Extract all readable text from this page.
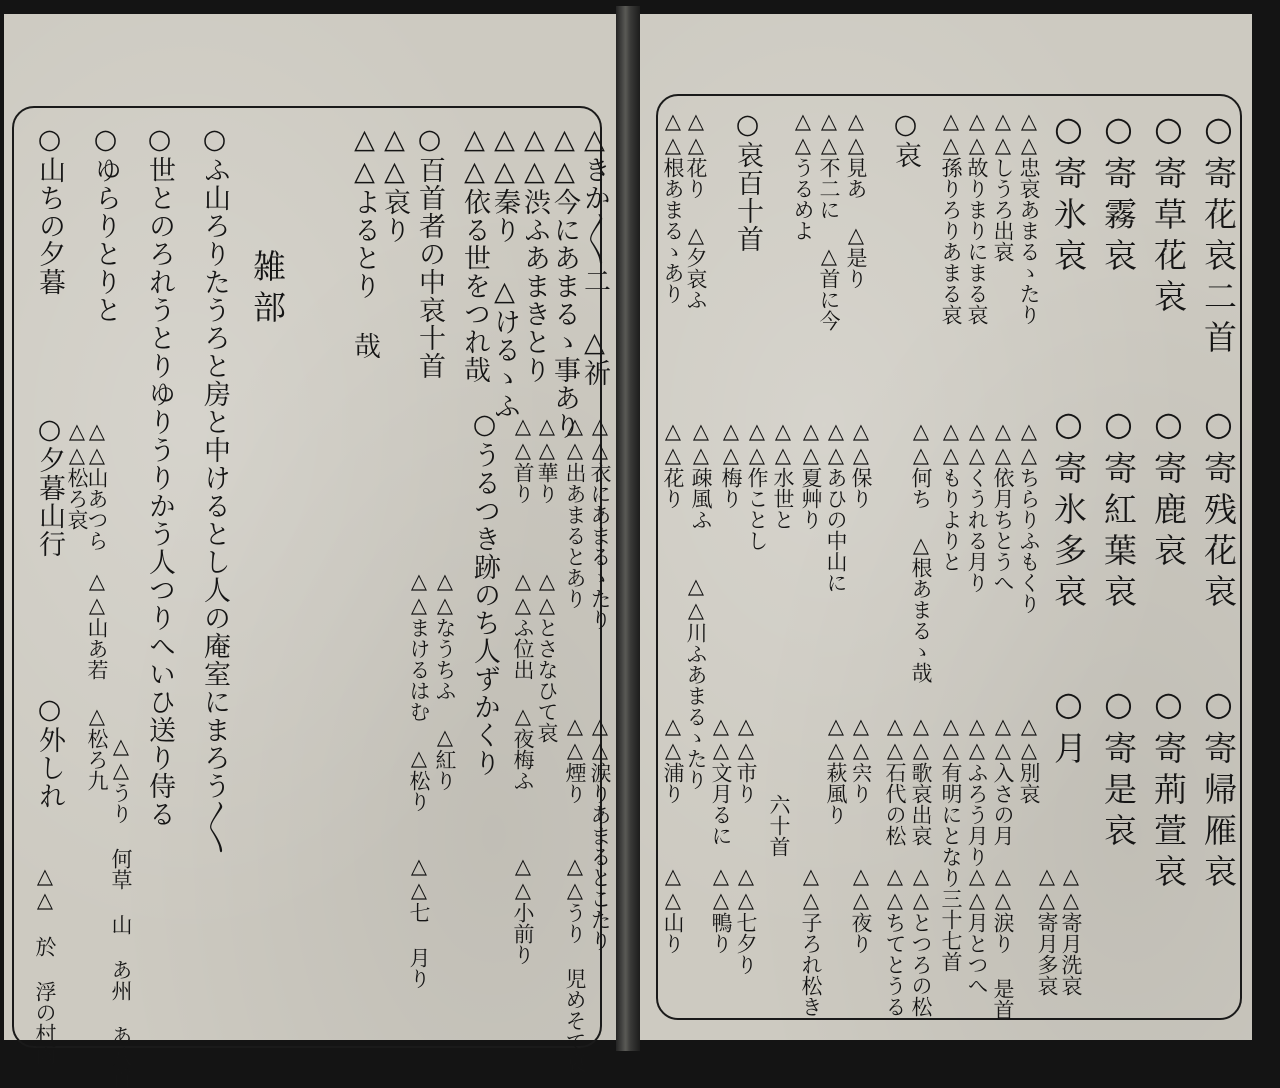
△きか〳〵二 △祈
△△今にあまるゝ事あり
△△渋ふあまきとり
△△秦り △けるゝふ
△△依る世をつれ哉
○百首者の中哀十首
△△哀り
△△よるとり 哉
△△衣にあまるゝたり
△△出あまるとあり
△△華り
△△首り
○うるつき跡のち人ずかくり
△△涙りあまるとこたり
△△煙り
△△とさなひて哀
△△ふ位出 △夜梅ふ
△△うり 児めそて哀
△△小前り
△△なうちふ △紅り
△△まけるはむ △松り
△△七 月り
○ふ山ろりたうろと房と中けるとし人の庵室にまろう〳〵 雑部
○世とのろれうとりゆりうりかう人つりへいひ送り侍る
○ゆらりとりと
○山ちの夕暮
△△山あつら
△△松ろ哀
△△山あ若 △松ろ九
△△うり 何草 山 あ州 あ八首
○夕暮山行
○外しれ
△△ 於 浮の村雨
○寄花哀二首
○寄草花哀
○寄霧哀
○寄氷哀
△△忠哀あまるゝたり
△△しうろ出哀
△△故りまりにまる哀
△△孫りろりあまる哀
○哀
△△見あ △是り
△△不二に △首に今
△△うるめよ
○哀百十首
△△花り △夕哀ふ
△△根あまるゝあり
○寄残花哀
○寄鹿哀
○寄紅葉哀
○寄氷多哀
△△ちらりふもくり
△△依月ちとうへ
△△くうれる月り
△△もりよりと
△△何ち △根あまるゝ哉
△△保り
△△あひの中山に
△△夏艸り
△△水世と
△△作ことし
△△梅り
△△疎風ふ
△△花り
○寄帰雁哀
○寄荊萱哀
○寄是哀
○月
△△別哀
△△入さの月
△△ふろう月り
△△有明にとなり三十七首
△△歌哀出哀
△△石代の松
△△宍り
△△萩風り
△△市り
△△文月るに
△△川ふあまるゝたり
△△浦り
△△寄月洗哀
△△寄月多哀
△△涙り 是首
△△月とつへ
△△とつろの松
△△ちてとうる
△△夜り
△△子ろれ松き
△△七夕り
△△鴨り
△△山り
六十首
